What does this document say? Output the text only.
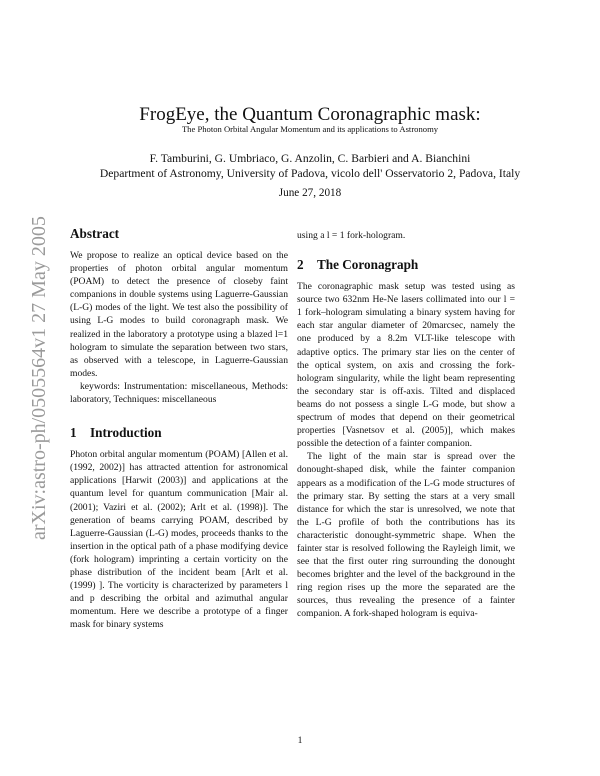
arXiv:astro-ph/0505564v1 27 May 2005
FrogEye, the Quantum Coronagraphic mask:
The Photon Orbital Angular Momentum and its applications to Astronomy
F. Tamburini, G. Umbriaco, G. Anzolin, C. Barbieri and A. Bianchini
Department of Astronomy, University of Padova, vicolo dell' Osservatorio 2, Padova, Italy
June 27, 2018
Abstract

We propose to realize an optical device based on the properties of photon orbital angular momentum (POAM) to detect the presence of closeby faint companions in double systems using Laguerre-Gaussian (L-G) modes of the light. We test also the possibility of using L-G modes to build coronagraph mask. We realized in the laboratory a prototype using a blazed l=1 hologram to simulate the separation between two stars, as observed with a telescope, in Laguerre-Gaussian modes.

keywords: Instrumentation: miscellaneous, Methods: laboratory, Techniques: miscellaneous

1 Introduction

Photon orbital angular momentum (POAM) [Allen et al. (1992, 2002)] has attracted attention for astronomical applications [Harwit (2003)] and applications at the quantum level for quantum communication [Mair al. (2001); Vaziri et al. (2002); Arlt et al. (1998)]. The generation of beams carrying POAM, described by Laguerre-Gaussian (L-G) modes, proceeds thanks to the insertion in the optical path of a phase modifying device (fork hologram) imprinting a certain vorticity on the phase distribution of the incident beam [Arlt et al. (1999) ]. The vorticity is characterized by parameters l and p describing the orbital and azimuthal angular momentum. Here we describe a prototype of a finger mask for binary systems

using a l = 1 fork-hologram.

2 The Coronagraph

The coronagraphic mask setup was tested using as source two 632nm He-Ne lasers collimated into our l = 1 fork–hologram simulating a binary system having for each star angular diameter of 20marcsec, namely the one produced by a 8.2m VLT-like telescope with adaptive optics. The primary star lies on the center of the optical system, on axis and crossing the fork-hologram singularity, while the light beam representing the secondary star is off-axis. Tilted and displaced beams do not possess a single L-G mode, but show a spectrum of modes that depend on their geometrical properties [Vasnetsov et al. (2005)], which makes possible the detection of a fainter companion.

The light of the main star is spread over the donought-shaped disk, while the fainter companion appears as a modification of the L-G mode structures of the primary star. By setting the stars at a very small distance for which the star is unresolved, we note that the L-G profile of both the contributions has its characteristic donought-symmetric shape. When the fainter star is resolved following the Rayleigh limit, we see that the first outer ring surrounding the donought becomes brighter and the level of the background in the ring region rises up the more the separated are the sources, thus revealing the presence of a fainter companion. A fork-shaped hologram is equiva-

1
